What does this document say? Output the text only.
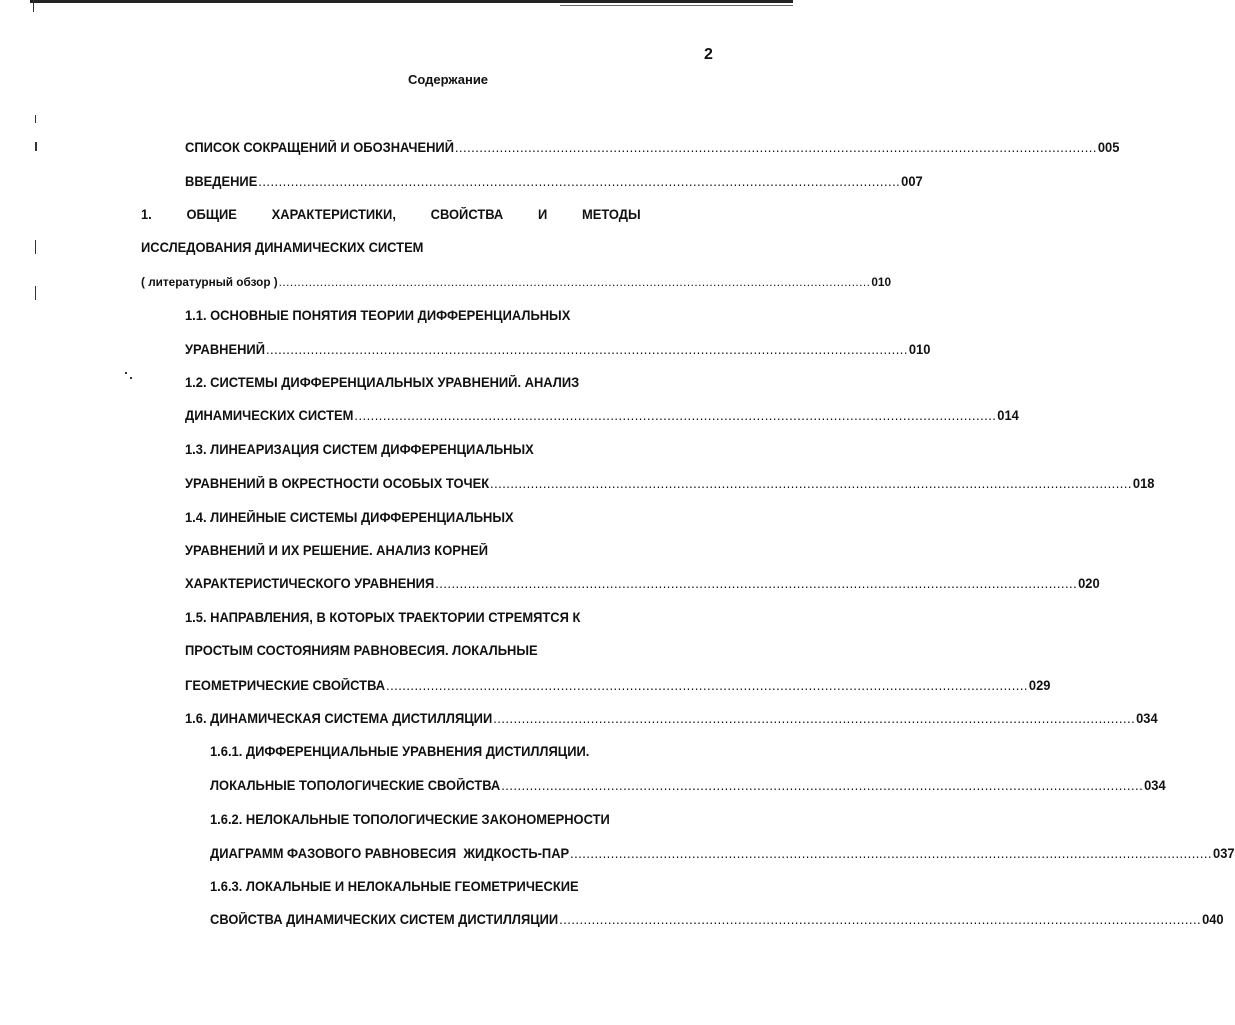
2
Содержание
СПИСОК СОКРАЩЕНИЙ И ОБОЗНАЧЕНИЙ .............................................................................................................................................................. 005
ВВЕДЕНИЕ .............................................................................................................................................................. 007
1.	ОБЩИЕ	ХАРАКТЕРИСТИКИ,	СВОЙСТВА	И	МЕТОДЫ
ИССЛЕДОВАНИЯ ДИНАМИЧЕСКИХ СИСТЕМ
( литературный обзор ) .............................................................................................................................................................. 010
1.1. ОСНОВНЫЕ ПОНЯТИЯ ТЕОРИИ ДИФФЕРЕНЦИАЛЬНЫХ
УРАВНЕНИЙ .............................................................................................................................................................. 010
1.2. СИСТЕМЫ ДИФФЕРЕНЦИАЛЬНЫХ УРАВНЕНИЙ. АНАЛИЗ
ДИНАМИЧЕСКИХ СИСТЕМ .............................................................................................................................................................. 014
1.3. ЛИНЕАРИЗАЦИЯ СИСТЕМ ДИФФЕРЕНЦИАЛЬНЫХ
УРАВНЕНИЙ В ОКРЕСТНОСТИ ОСОБЫХ ТОЧЕК .............................................................................................................................................................. 018
1.4. ЛИНЕЙНЫЕ СИСТЕМЫ ДИФФЕРЕНЦИАЛЬНЫХ
УРАВНЕНИЙ И ИХ РЕШЕНИЕ. АНАЛИЗ КОРНЕЙ
ХАРАКТЕРИСТИЧЕСКОГО УРАВНЕНИЯ .............................................................................................................................................................. 020
1.5. НАПРАВЛЕНИЯ, В КОТОРЫХ ТРАЕКТОРИИ СТРЕМЯТСЯ К
ПРОСТЫМ СОСТОЯНИЯМ РАВНОВЕСИЯ. ЛОКАЛЬНЫЕ
ГЕОМЕТРИЧЕСКИЕ СВОЙСТВА .............................................................................................................................................................. 029
1.6. ДИНАМИЧЕСКАЯ СИСТЕМА ДИСТИЛЛЯЦИИ .............................................................................................................................................................. 034
1.6.1. ДИФФЕРЕНЦИАЛЬНЫЕ УРАВНЕНИЯ ДИСТИЛЛЯЦИИ.
ЛОКАЛЬНЫЕ ТОПОЛОГИЧЕСКИЕ СВОЙСТВА .............................................................................................................................................................. 034
1.6.2. НЕЛОКАЛЬНЫЕ ТОПОЛОГИЧЕСКИЕ ЗАКОНОМЕРНОСТИ
ДИАГРАММ ФАЗОВОГО РАВНОВЕСИЯ  ЖИДКОСТЬ-ПАР .............................................................................................................................................................. 037
1.6.3. ЛОКАЛЬНЫЕ И НЕЛОКАЛЬНЫЕ ГЕОМЕТРИЧЕСКИЕ
СВОЙСТВА ДИНАМИЧЕСКИХ СИСТЕМ ДИСТИЛЛЯЦИИ .............................................................................................................................................................. 040
